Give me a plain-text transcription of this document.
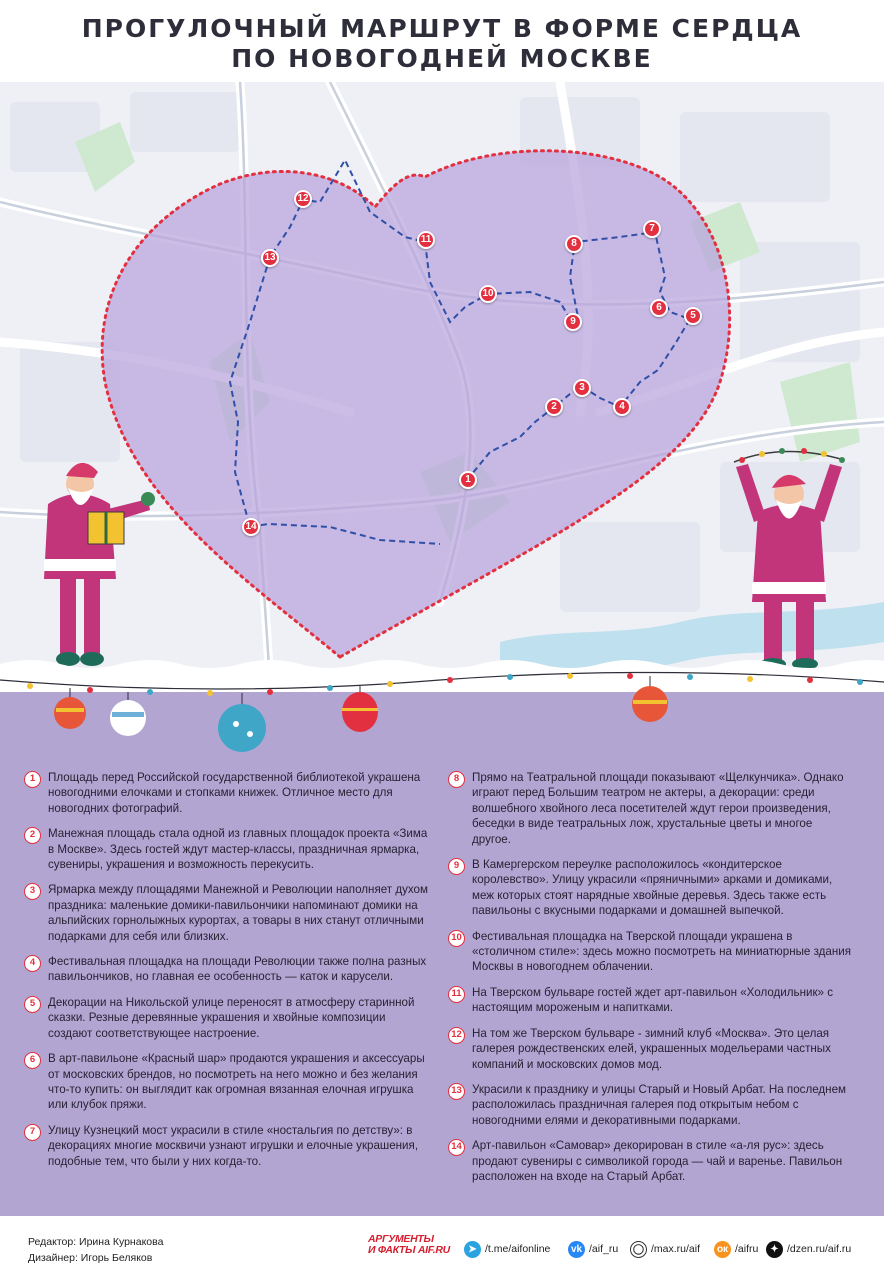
ПРОГУЛОЧНЫЙ МАРШРУТ В ФОРМЕ СЕРДЦА
ПО НОВОГОДНЕЙ МОСКВЕ
1
2
3
4
5
6
7
8
9
10
11
12
13
14
1	Площадь перед Российской государственной библиотекой украшена новогодними елочками и стопками книжек. Отличное место для новогодних фотографий.
2	Манежная площадь стала одной из главных площадок проекта «Зима в Москве». Здесь гостей ждут мастер-классы, праздничная ярмарка, сувениры, украшения и возможность перекусить.
3	Ярмарка между площадями Манежной и Революции наполняет духом праздника: маленькие домики-павильончики напоминают домики на альпийских горнолыжных курортах, а товары в них станут отличными подарками для себя или близких.
4	Фестивальная площадка на площади Революции также полна разных павильончиков, но главная ее особенность — каток и карусели.
5	Декорации на Никольской улице переносят в атмосферу старинной сказки. Резные деревянные украшения и хвойные композиции создают соответствующее настроение.
6	В арт-павильоне «Красный шар» продаются украшения и аксессуары от московских брендов, но посмотреть на него можно и без желания что-то купить: он выглядит как огромная вязанная елочная игрушка или клубок пряжи.
7	Улицу Кузнецкий мост украсили в стиле «ностальгия по детству»: в декорациях многие москвичи узнают игрушки и елочные украшения, подобные тем, что были у них когда-то.
8	Прямо на Театральной площади показывают «Щелкунчика». Однако играют перед Большим театром не актеры, а декорации: среди волшебного хвойного леса посетителей ждут герои произведения, беседки в виде театральных лож, хрустальные цветы и многое другое.
9	В Камергерском переулке расположилось «кондитерское королевство». Улицу украсили «пряничными» арками и домиками, меж которых стоят нарядные хвойные деревья. Здесь также есть павильоны с вкусными подарками и домашней выпечкой.
10 Фестивальная площадка на Тверской площади украшена в «столичном стиле»: здесь можно посмотреть на миниатюрные здания Москвы в новогоднем облачении.
11 На Тверском бульваре гостей ждет арт-павильон «Холодильник» с настоящим мороженым и напитками.
12 На том же Тверском бульваре - зимний клуб «Москва». Это целая галерея рождественских елей, украшенных модельерами частных компаний и московских домов мод.
13 Украсили к празднику и улицы Старый и Новый Арбат. На последнем расположилась праздничная галерея под открытым небом с новогодними елями и декоративными подарками.
14 Арт-павильон «Самовар» декорирован в стиле «а-ля рус»: здесь продают сувениры с символикой города — чай и варенье. Павильон расположен на входе на Старый Арбат.
Редактор: Ирина Курнакова
Дизайнер: Игорь Беляков
АРГУМЕНТЫ
И ФАКТЫ AIF.RU	➤ /t.me/aifonline vk /aif_ru ◯ /max.ru/aif ок /aifru	✦ /dzen.ru/aif.ru
